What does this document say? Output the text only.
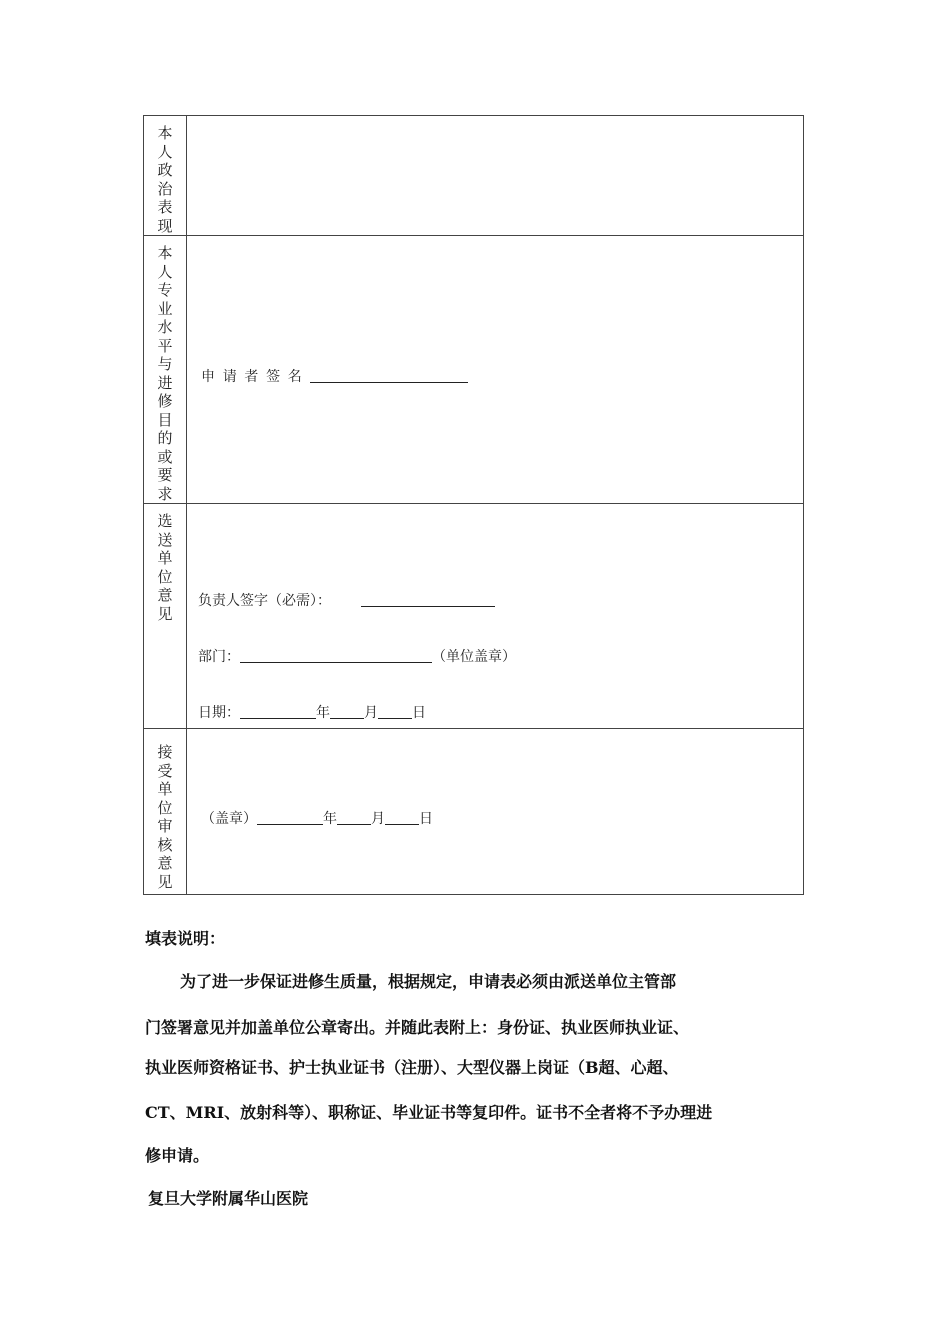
本人政治表现	

本人专业水平与进修目的或要求	申请者签名

选送单位意见	负责人签字（必需）：
部门： （单位盖章）
日期： 年 月 日

接受单位审核意见	（盖章） 年 月 日
填表说明：
为了进一步保证进修生质量，根据规定，申请表必须由派送单位主管部
门签署意见并加盖单位公章寄出。并随此表附上：身份证、执业医师执业证、
执业医师资格证书、护士执业证书（注册）、大型仪器上岗证（B超、心超、
CT、MRI、放射科等）、职称证、毕业证书等复印件。证书不全者将不予办理进
修申请。
复旦大学附属华山医院
